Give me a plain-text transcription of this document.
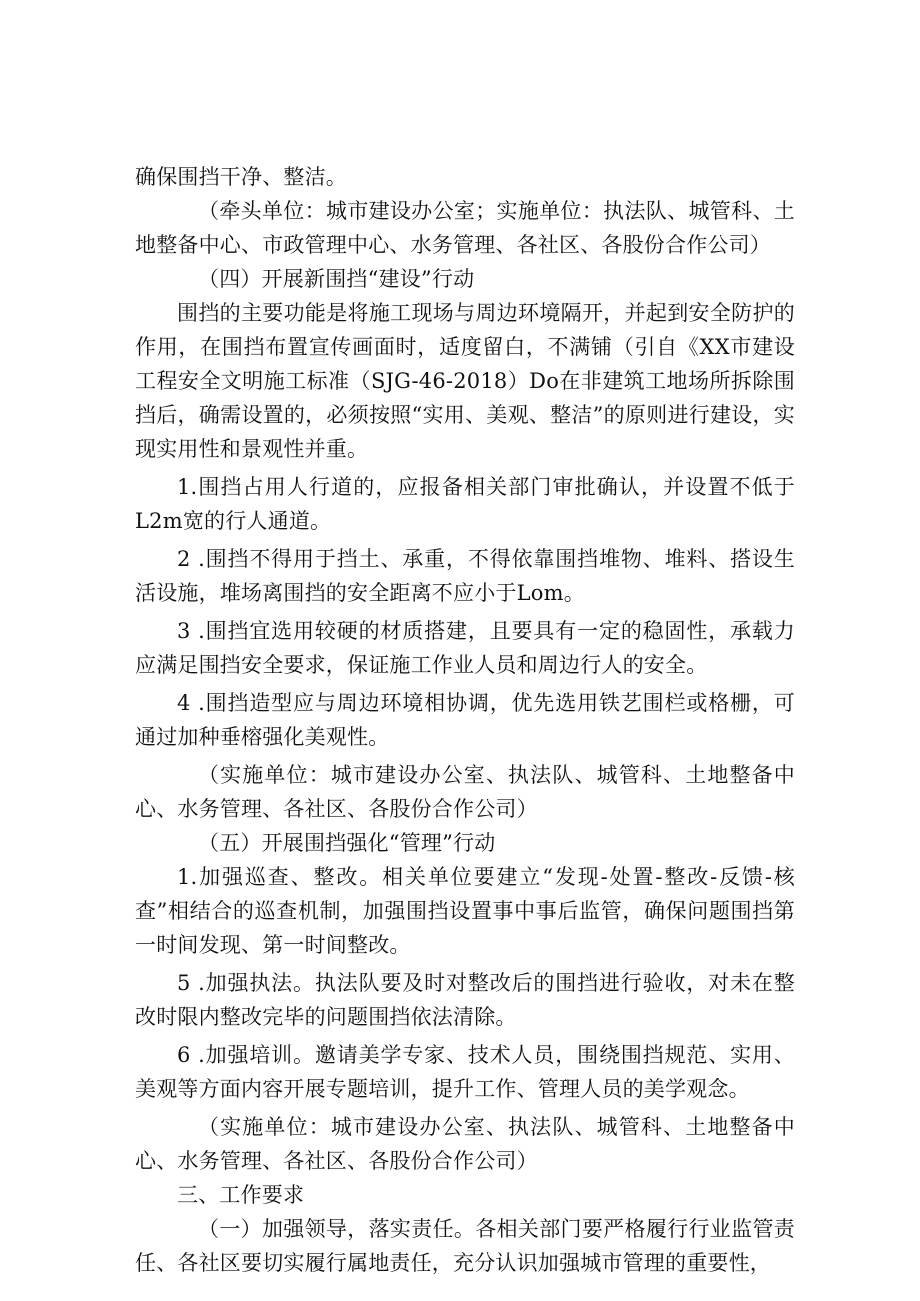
确保围挡干净、整洁。

（牵头单位：城市建设办公室；实施单位：执法队、城管科、土地整备中心、市政管理中心、水务管理、各社区、各股份合作公司）

（四）开展新围挡“建设”行动

围挡的主要功能是将施工现场与周边环境隔开，并起到安全防护的作用，在围挡布置宣传画面时，适度留白，不满铺（引自《XX市建设工程安全文明施工标准（SJG-46-2018）Do在非建筑工地场所拆除围挡后，确需设置的，必须按照“实用、美观、整洁”的原则进行建设，实现实用性和景观性并重。

1.围挡占用人行道的，应报备相关部门审批确认，并设置不低于L2m宽的行人通道。

2 .围挡不得用于挡土、承重，不得依靠围挡堆物、堆料、搭设生活设施，堆场离围挡的安全距离不应小于Lom。

3 .围挡宜选用较硬的材质搭建，且要具有一定的稳固性，承载力应满足围挡安全要求，保证施工作业人员和周边行人的安全。

4 .围挡造型应与周边环境相协调，优先选用铁艺围栏或格栅，可通过加种垂榕强化美观性。

（实施单位：城市建设办公室、执法队、城管科、土地整备中心、水务管理、各社区、各股份合作公司）

（五）开展围挡强化“管理”行动

1.加强巡查、整改。相关单位要建立“发现-处置-整改-反馈-核查”相结合的巡查机制，加强围挡设置事中事后监管，确保问题围挡第一时间发现、第一时间整改。

5 .加强执法。执法队要及时对整改后的围挡进行验收，对未在整改时限内整改完毕的问题围挡依法清除。

6 .加强培训。邀请美学专家、技术人员，围绕围挡规范、实用、美观等方面内容开展专题培训，提升工作、管理人员的美学观念。

（实施单位：城市建设办公室、执法队、城管科、土地整备中心、水务管理、各社区、各股份合作公司）

三、工作要求

（一）加强领导，落实责任。各相关部门要严格履行行业监管责任、各社区要切实履行属地责任，充分认识加强城市管理的重要性，
